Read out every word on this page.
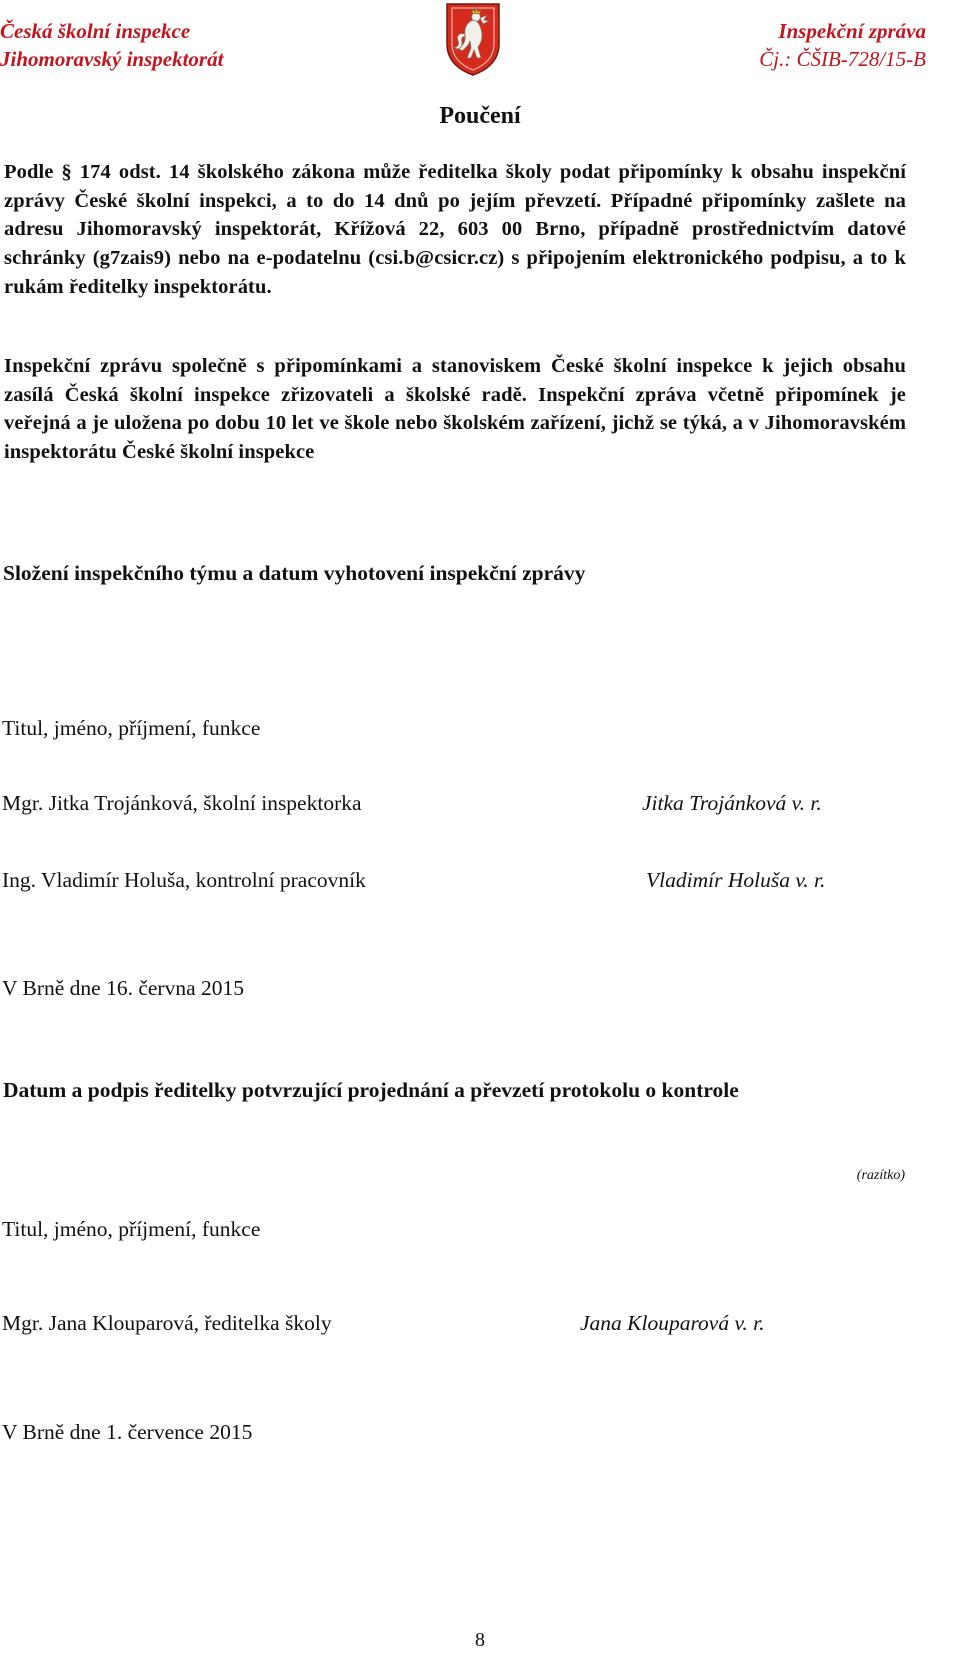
Česká školní inspekce
Jihomoravský inspektorát
Inspekční zpráva
Čj.: ČŠIB-728/15-B
Poučení
Podle § 174 odst. 14 školského zákona může ředitelka školy podat připomínky k obsahu inspekční zprávy České školní inspekci, a to do 14 dnů po jejím převzetí. Případné připomínky zašlete na adresu Jihomoravský inspektorát, Křížová 22, 603 00 Brno, případně prostřednictvím datové schránky (g7zais9) nebo na e-podatelnu (csi.b@csicr.cz) s připojením elektronického podpisu, a to k rukám ředitelky inspektorátu.
Inspekční zprávu společně s připomínkami a stanoviskem České školní inspekce k jejich obsahu zasílá Česká školní inspekce zřizovateli a školské radě. Inspekční zpráva včetně připomínek je veřejná a je uložena po dobu 10 let ve škole nebo školském zařízení, jichž se týká, a v Jihomoravském inspektorátu České školní inspekce
Složení inspekčního týmu a datum vyhotovení inspekční zprávy
Titul, jméno, příjmení, funkce
Mgr. Jitka Trojánková, školní inspektorka	Jitka Trojánková v. r.
Ing. Vladimír Holuša, kontrolní pracovník	Vladimír Holuša v. r.
V Brně dne 16. června 2015
Datum a podpis ředitelky potvrzující projednání a převzetí protokolu o kontrole
(razítko)
Titul, jméno, příjmení, funkce
Mgr. Jana Klouparová, ředitelka školy	Jana Klouparová v. r.
V Brně dne 1. července 2015
8
